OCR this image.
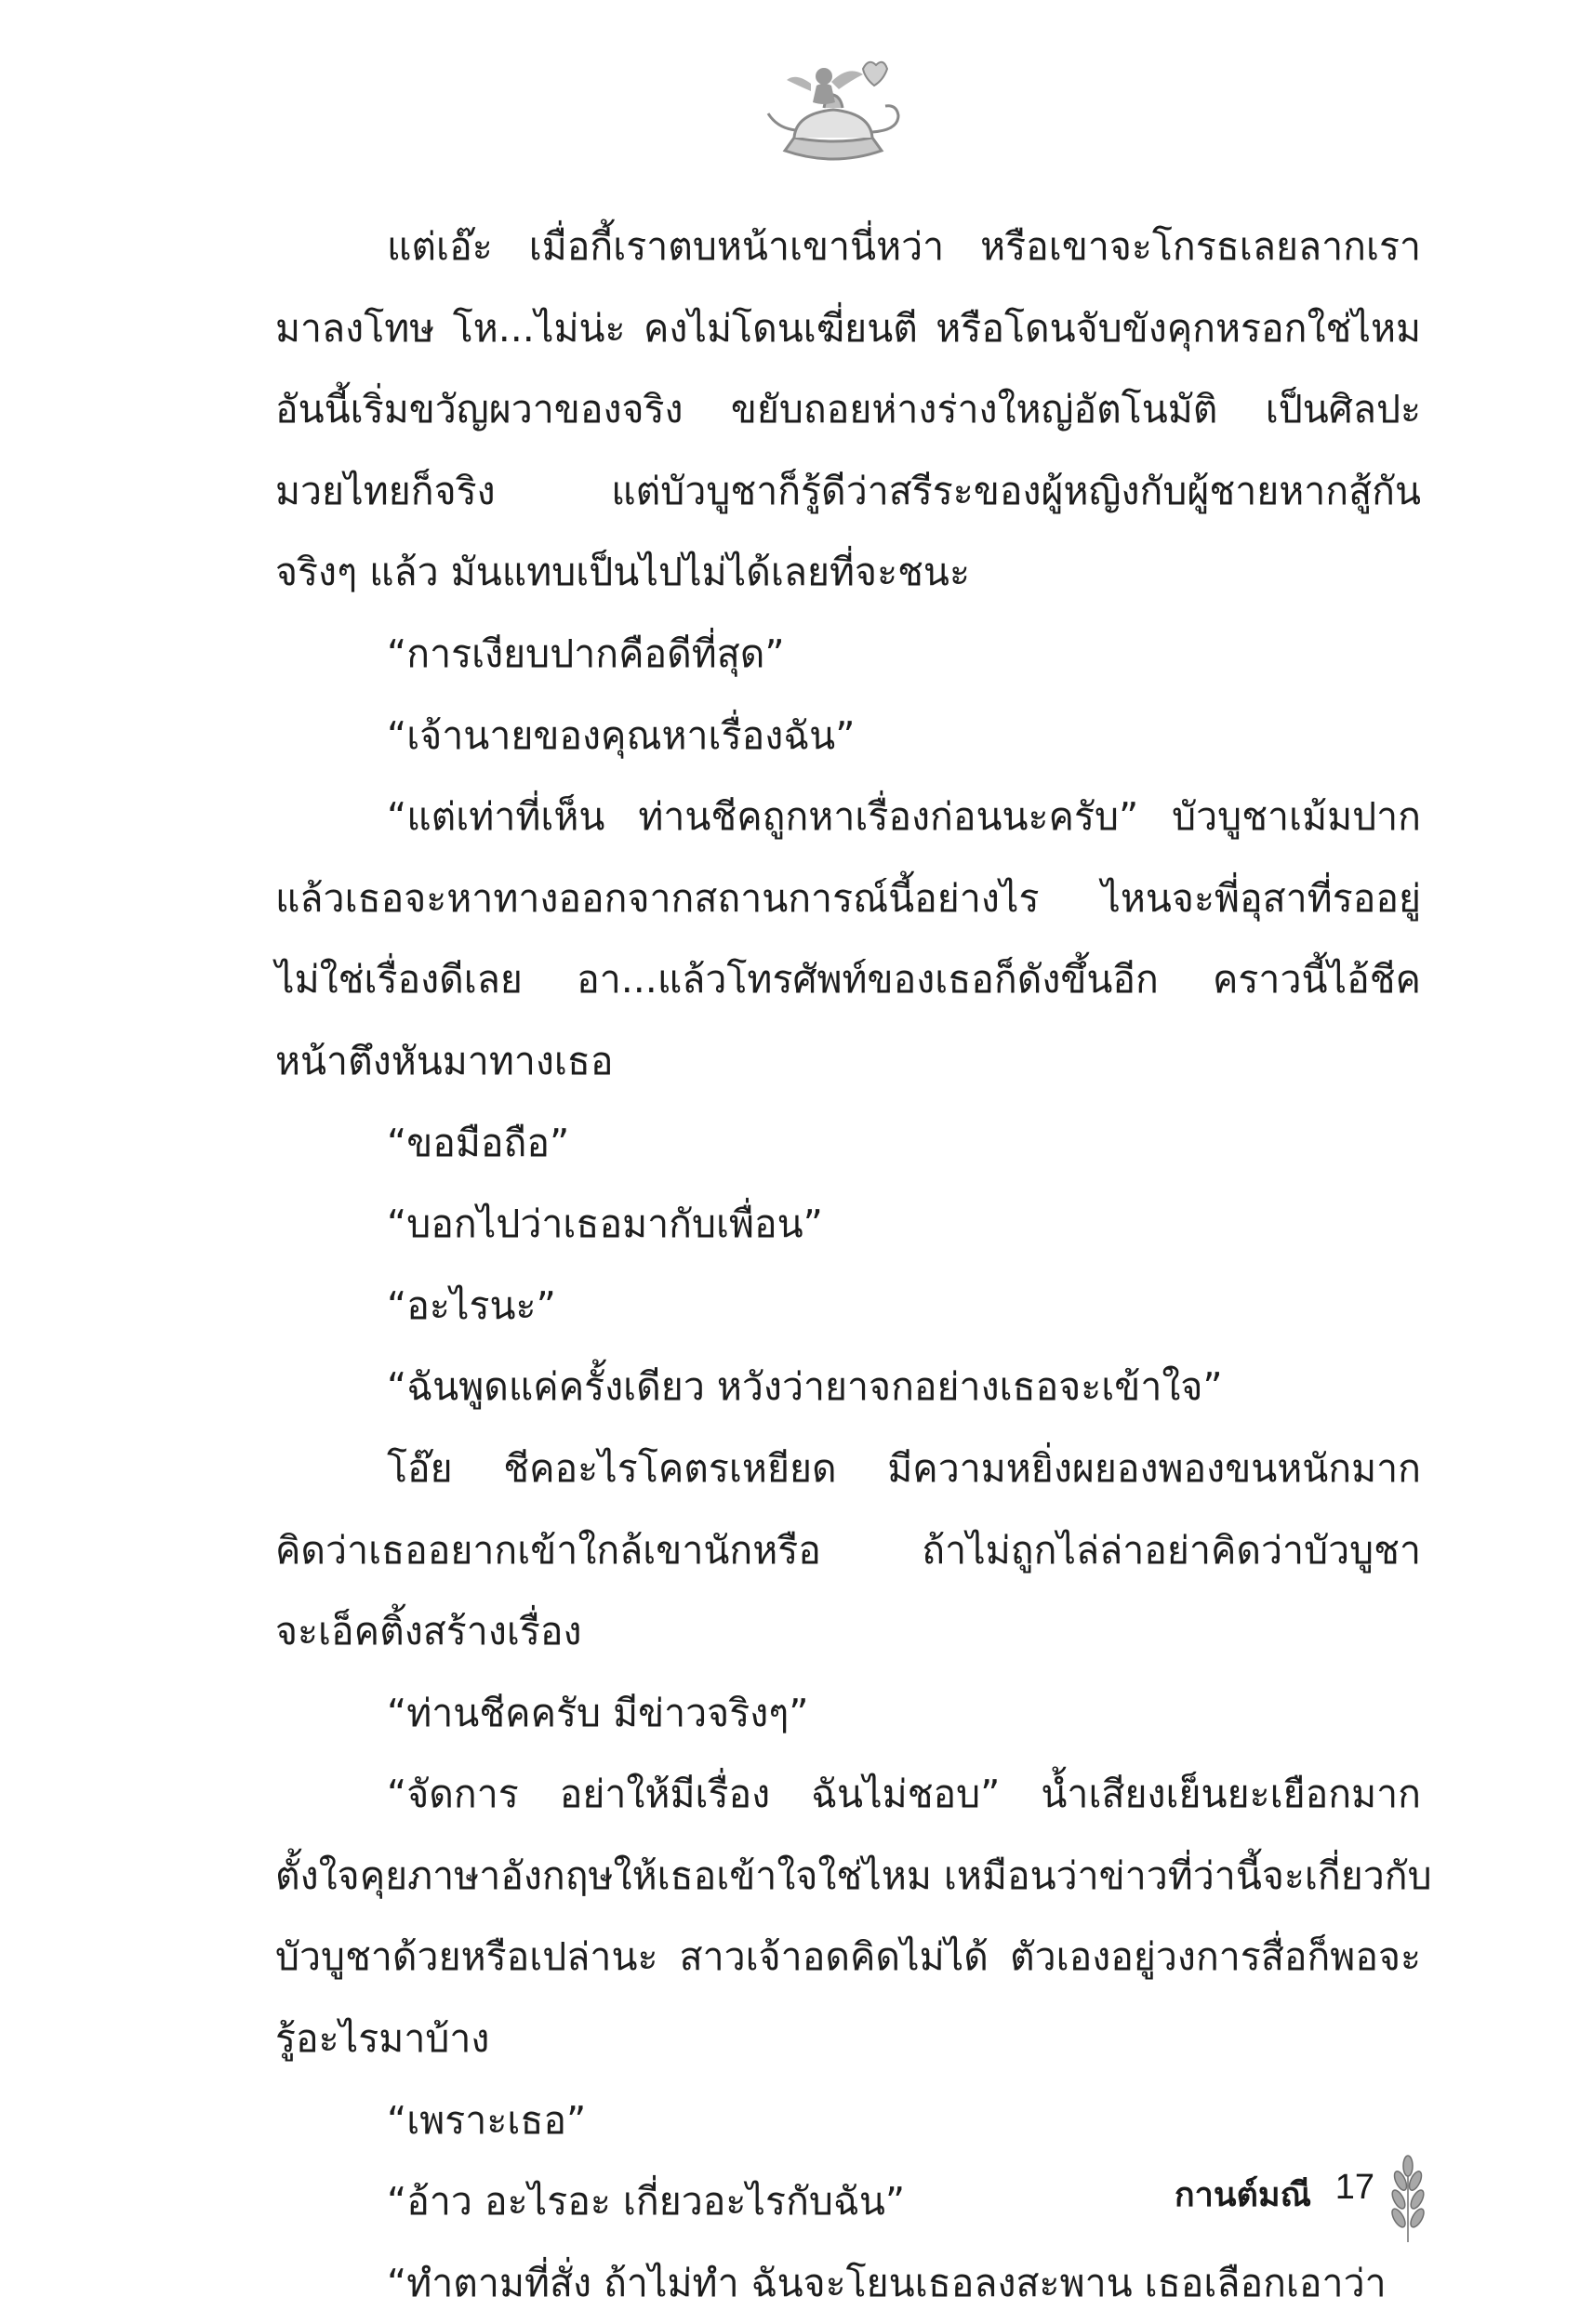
แต่เอ๊ะ เมื่อกี้เราตบหน้าเขานี่หว่า หรือเขาจะโกรธเลยลากเรา
มาลงโทษ โห...ไม่น่ะ คงไม่โดนเฆี่ยนตี หรือโดนจับขังคุกหรอกใช่ไหม
อันนี้เริ่มขวัญผวาของจริง ขยับถอยห่างร่างใหญ่อัตโนมัติ เป็นศิลปะ
มวยไทยก็จริง แต่บัวบูชาก็รู้ดีว่าสรีระของผู้หญิงกับผู้ชายหากสู้กัน
จริงๆ แล้ว มันแทบเป็นไปไม่ได้เลยที่จะชนะ
“การเงียบปากคือดีที่สุด”
“เจ้านายของคุณหาเรื่องฉัน”
“แต่เท่าที่เห็น ท่านชีคถูกหาเรื่องก่อนนะครับ” บัวบูชาเม้มปาก
แล้วเธอจะหาทางออกจากสถานการณ์นี้อย่างไร ไหนจะพี่อุสาที่รออยู่
ไม่ใช่เรื่องดีเลย อา...แล้วโทรศัพท์ของเธอก็ดังขึ้นอีก คราวนี้ไอ้ชีค
หน้าตึงหันมาทางเธอ
“ขอมือถือ”
“บอกไปว่าเธอมากับเพื่อน”
“อะไรนะ”
“ฉันพูดแค่ครั้งเดียว หวังว่ายาจกอย่างเธอจะเข้าใจ”
โอ๊ย ชีคอะไรโคตรเหยียด มีความหยิ่งผยองพองขนหนักมาก
คิดว่าเธออยากเข้าใกล้เขานักหรือ ถ้าไม่ถูกไล่ล่าอย่าคิดว่าบัวบูชา
จะเอ็คติ้งสร้างเรื่อง
“ท่านชีคครับ มีข่าวจริงๆ”
“จัดการ อย่าให้มีเรื่อง ฉันไม่ชอบ” น้ำเสียงเย็นยะเยือกมาก
ตั้งใจคุยภาษาอังกฤษให้เธอเข้าใจใช่ไหม เหมือนว่าข่าวที่ว่านี้จะเกี่ยวกับ
บัวบูชาด้วยหรือเปล่านะ สาวเจ้าอดคิดไม่ได้ ตัวเองอยู่วงการสื่อก็พอจะ
รู้อะไรมาบ้าง
“เพราะเธอ”
“อ้าว อะไรอะ เกี่ยวอะไรกับฉัน”
“ทำตามที่สั่ง ถ้าไม่ทำ ฉันจะโยนเธอลงสะพาน เธอเลือกเอาว่า
กานต์มณี 17
